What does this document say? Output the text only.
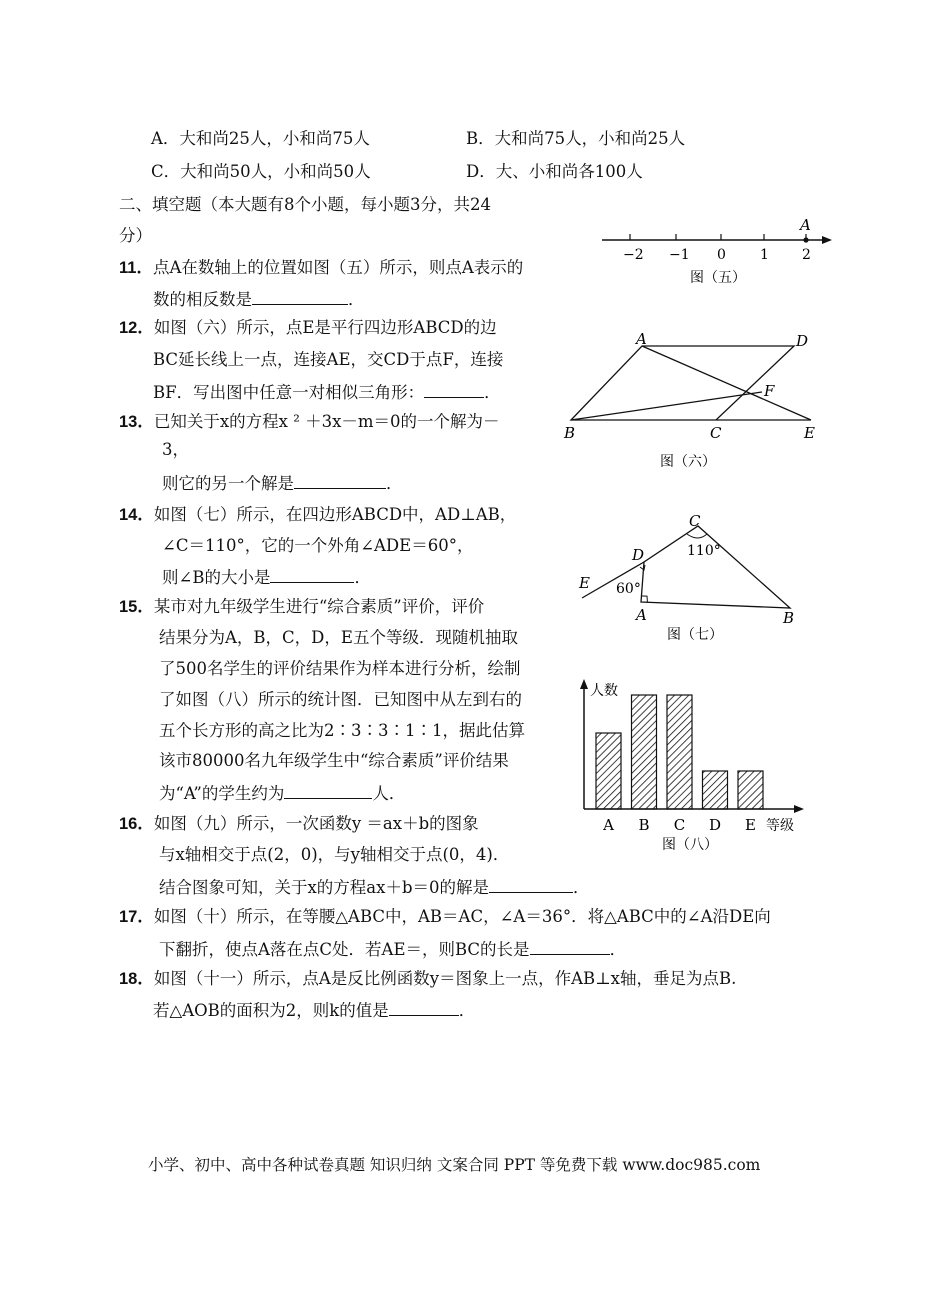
A．大和尚25人，小和尚75人	B．大和尚75人，小和尚25人
C．大和尚50人，小和尚50人	D．大、小和尚各100人
二、填空题（本大题有8个小题，每小题3分，共24
分）
11．点A在数轴上的位置如图（五）所示，则点A表示的
数的相反数是	．
12．如图（六）所示，点E是平行四边形ABCD的边
BC延长线上一点，连接AE，交CD于点F，连接
BF．写出图中任意一对相似三角形：	．
13．已知关于x的方程x ² ＋3x－m＝0的一个解为－
3，
则它的另一个解是	．
14．如图（七）所示，在四边形ABCD中，AD⊥AB，
∠C＝110°，它的一个外角∠ADE＝60°，
则∠B的大小是	．
15．某市对九年级学生进行“综合素质”评价，评价
结果分为A，B，C，D，E五个等级．现随机抽取
了500名学生的评价结果作为样本进行分析，绘制
了如图（八）所示的统计图．已知图中从左到右的
五个长方形的高之比为2∶3∶3∶1∶1，据此估算
该市80000名九年级学生中“综合素质”评价结果
为“A”的学生约为	人．
16．如图（九）所示，一次函数y ＝ax＋b的图象
与x轴相交于点(2，0)，与y轴相交于点(0，4)．
结合图象可知，关于x的方程ax＋b＝0的解是	．
17．如图（十）所示，在等腰△ABC中，AB＝AC，∠A＝36°．将△ABC中的∠A沿DE向
下翻折，使点A落在点C处．若AE＝，则BC的长是	．
18．如图（十一）所示，点A是反比例函数y＝图象上一点，作AB⊥x轴，垂足为点B.
若△AOB的面积为2，则k的值是	．
A
−2 −1 0 1 2
图（五）
A	D
F
B	C	E
图（六）
C
110°
D
60°
E
A	B
图（七）
人数
等级
A B C D E
图（八）
小学、初中、高中各种试卷真题 知识归纳 文案合同 PPT 等免费下载 www.doc985.com
